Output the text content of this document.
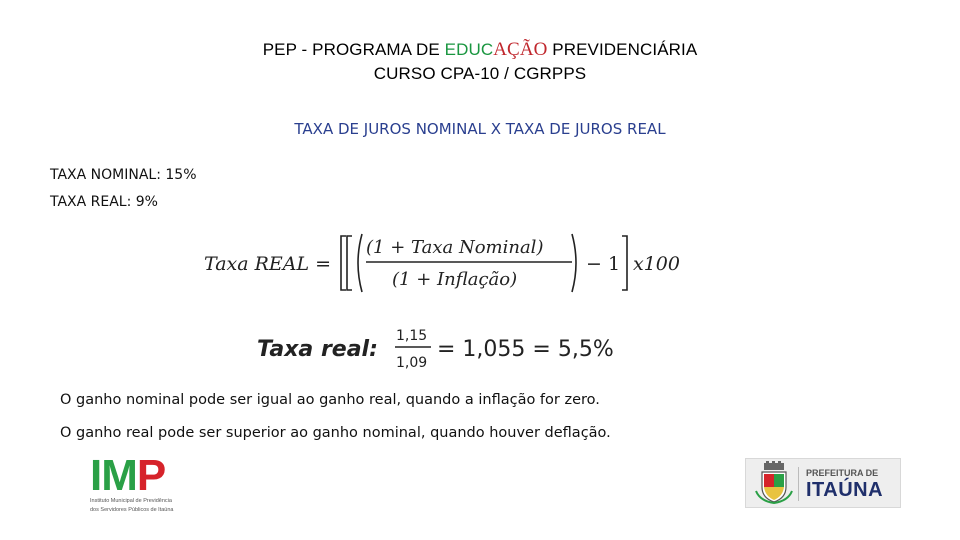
PEP - PROGRAMA DE EDUCAÇÃO PREVIDENCIÁRIA
CURSO CPA-10 / CGRPPS
TAXA DE JUROS NOMINAL X TAXA DE JUROS REAL
TAXA NOMINAL: 15%
TAXA REAL: 9%
Taxa REAL =
(1 + Taxa Nominal)
(1 + Inflação)
− 1 x100
Taxa real:
1,15
1,09
= 1,055 = 5,5%
O ganho nominal pode ser igual ao ganho real, quando a inflação for zero.
O ganho real pode ser superior ao ganho nominal, quando houver deflação.
IMP
Instituto Municipal de Previdência
dos Servidores Públicos de Itaúna
PREFEITURA DE
ITAÚNA
